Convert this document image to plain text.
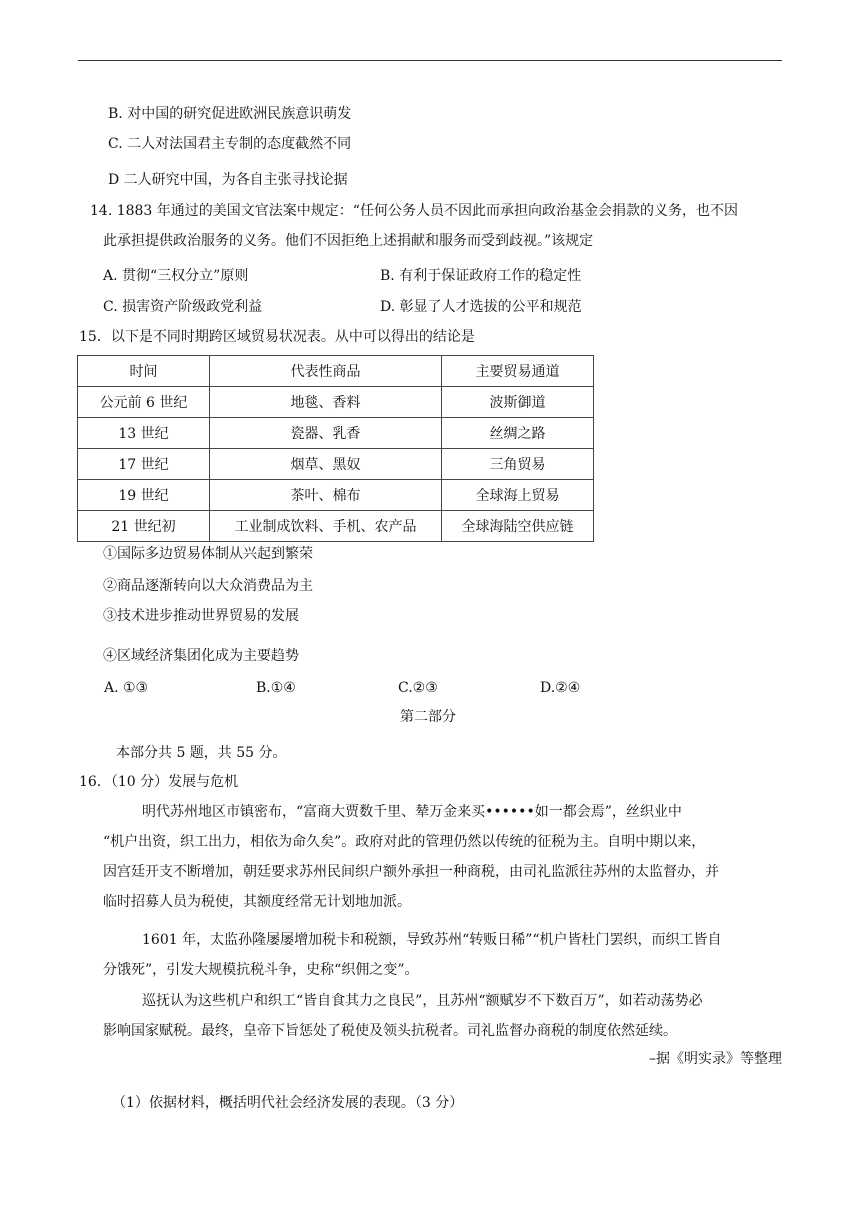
B. 对中国的研究促进欧洲民族意识萌发
C. 二人对法国君主专制的态度截然不同
D 二人研究中国，为各自主张寻找论据
14. 1883 年通过的美国文官法案中规定：“任何公务人员不因此而承担向政治基金会捐款的义务，也不因
此承担提供政治服务的义务。他们不因拒绝上述捐献和服务而受到歧视。”该规定
A. 贯彻“三权分立”原则	B. 有利于保证政府工作的稳定性
C. 损害资产阶级政党利益	D. 彰显了人才选拔的公平和规范
15．以下是不同时期跨区域贸易状况表。从中可以得出的结论是
时间	代表性商品	主要贸易通道
公元前 6 世纪	地毯、香料	波斯御道
13 世纪	瓷器、乳香	丝绸之路
17 世纪	烟草、黑奴	三角贸易
19 世纪	茶叶、棉布	全球海上贸易
21 世纪初	工业制成饮料、手机、农产品	全球海陆空供应链
①国际多边贸易体制从兴起到繁荣
②商品逐渐转向以大众消费品为主
③技术进步推动世界贸易的发展
④区域经济集团化成为主要趋势
A. ①③	B.①④	C.②③	D.②④
第二部分
本部分共 5 题，共 55 分。
16．（10 分）发展与危机
明代苏州地区市镇密布，“富商大贾数千里、辇万金来买••••••如一都会焉”，丝织业中
“机户出资，织工出力，相依为命久矣”。政府对此的管理仍然以传统的征税为主。自明中期以来，
因宫廷开支不断增加，朝廷要求苏州民间织户额外承担一种商税，由司礼监派往苏州的太监督办，并
临时招募人员为税使，其额度经常无计划地加派。
1601 年，太监孙隆屡屡增加税卡和税额，导致苏州“转贩日稀”“机户皆杜门罢织，而织工皆自
分饿死”，引发大规模抗税斗争，史称“织佣之变”。
巡抚认为这些机户和织工“皆自食其力之良民”，且苏州“额赋岁不下数百万”，如若动荡势必
影响国家赋税。最终，皇帝下旨惩处了税使及领头抗税者。司礼监督办商税的制度依然延续。
–据《明实录》等整理
（1）依据材料，概括明代社会经济发展的表现。（3 分）
